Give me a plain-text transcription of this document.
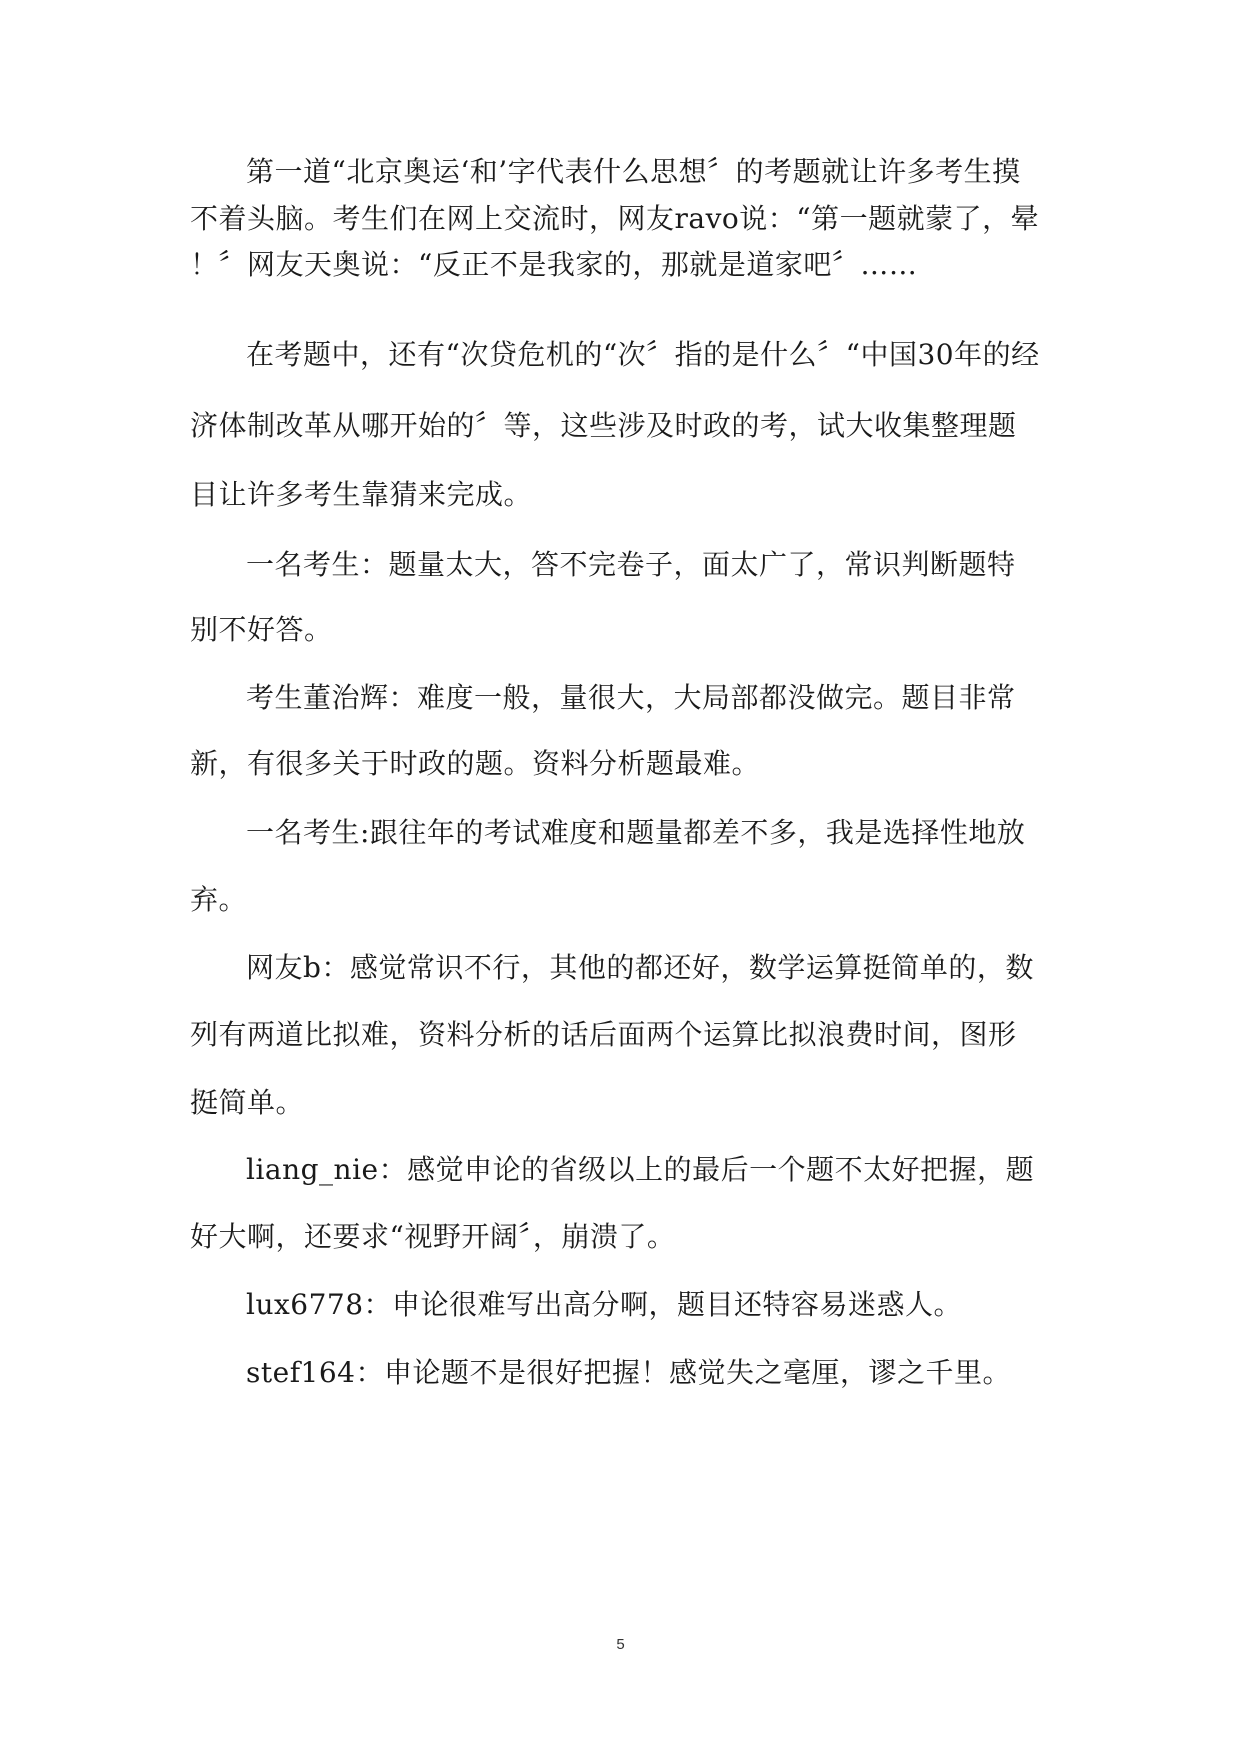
第一道“北京奥运‘和’字代表什么思想〞的考题就让许多考生摸
不着头脑。考生们在网上交流时，网友ravo说：“第一题就蒙了，晕
！〞网友天奥说：“反正不是我家的，那就是道家吧〞……
在考题中，还有“次贷危机的“次〞指的是什么〞“中国30年的经
济体制改革从哪开始的〞等，这些涉及时政的考，试大收集整理题
目让许多考生靠猜来完成。
一名考生：题量太大，答不完卷子，面太广了，常识判断题特
别不好答。
考生董治辉：难度一般，量很大，大局部都没做完。题目非常
新，有很多关于时政的题。资料分析题最难。
一名考生:跟往年的考试难度和题量都差不多，我是选择性地放
弃。
网友b：感觉常识不行，其他的都还好，数学运算挺简单的，数
列有两道比拟难，资料分析的话后面两个运算比拟浪费时间，图形
挺简单。
liang_nie：感觉申论的省级以上的最后一个题不太好把握，题
好大啊，还要求“视野开阔〞，崩溃了。
lux6778：申论很难写出高分啊，题目还特容易迷惑人。
stef164：申论题不是很好把握！感觉失之毫厘，谬之千里。
5
